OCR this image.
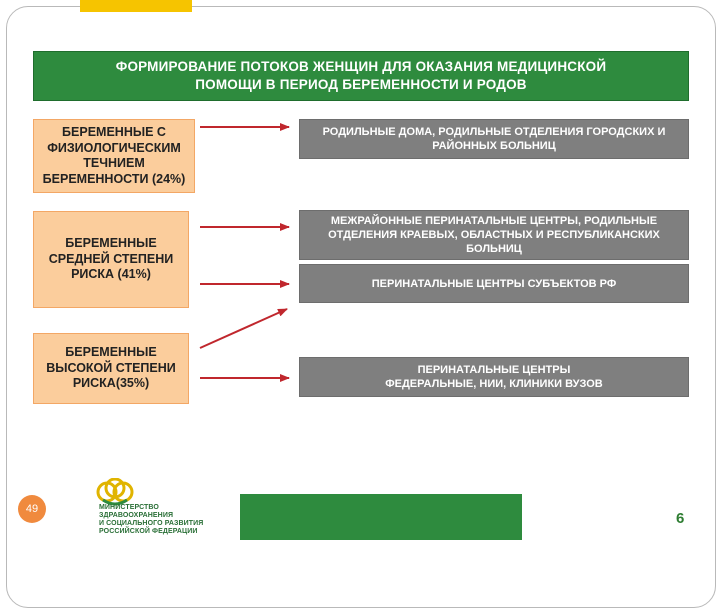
ФОРМИРОВАНИЕ ПОТОКОВ ЖЕНЩИН ДЛЯ ОКАЗАНИЯ МЕДИЦИНСКОЙ
ПОМОЩИ В ПЕРИОД БЕРЕМЕННОСТИ И РОДОВ
БЕРЕМЕННЫЕ С
ФИЗИОЛОГИЧЕСКИМ
ТЕЧНИЕМ
БЕРЕМЕННОСТИ (24%)
БЕРЕМЕННЫЕ
СРЕДНЕЙ СТЕПЕНИ
РИСКА (41%)
БЕРЕМЕННЫЕ
ВЫСОКОЙ СТЕПЕНИ
РИСКА(35%)
РОДИЛЬНЫЕ ДОМА, РОДИЛЬНЫЕ ОТДЕЛЕНИЯ ГОРОДСКИХ И
РАЙОННЫХ БОЛЬНИЦ
МЕЖРАЙОННЫЕ ПЕРИНАТАЛЬНЫЕ ЦЕНТРЫ, РОДИЛЬНЫЕ
ОТДЕЛЕНИЯ КРАЕВЫХ, ОБЛАСТНЫХ И РЕСПУБЛИКАНСКИХ
БОЛЬНИЦ
ПЕРИНАТАЛЬНЫЕ ЦЕНТРЫ СУБЪЕКТОВ РФ
ПЕРИНАТАЛЬНЫЕ ЦЕНТРЫ
ФЕДЕРАЛЬНЫЕ, НИИ, КЛИНИКИ ВУЗОВ
49	МИНИСТЕРСТВО
ЗДРАВООХРАНЕНИЯ
И СОЦИАЛЬНОГО РАЗВИТИЯ
РОССИЙСКОЙ ФЕДЕРАЦИИ
6
